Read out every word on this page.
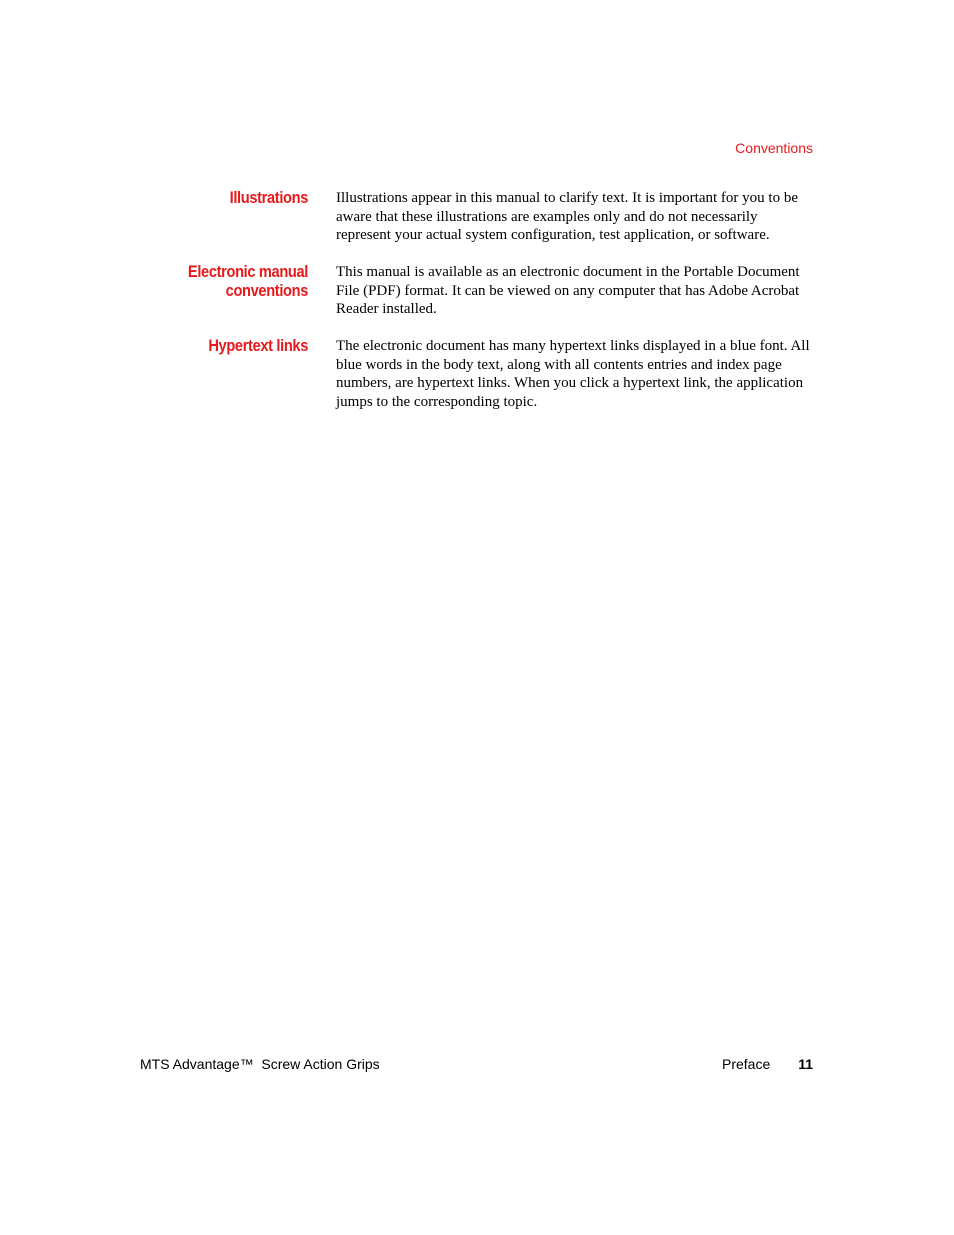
Conventions
Illustrations Illustrations appear in this manual to clarify text. It is important for you to be aware that these illustrations are examples only and do not necessarily represent your actual system configuration, test application, or software.
Electronic manual
conventions
This manual is available as an electronic document in the Portable Document File (PDF) format. It can be viewed on any computer that has Adobe Acrobat Reader installed.
Hypertext links The electronic document has many hypertext links displayed in a blue font. All blue words in the body text, along with all contents entries and index page numbers, are hypertext links. When you click a hypertext link, the application jumps to the corresponding topic.
MTS Advantage™  Screw Action Grips	Preface 11
